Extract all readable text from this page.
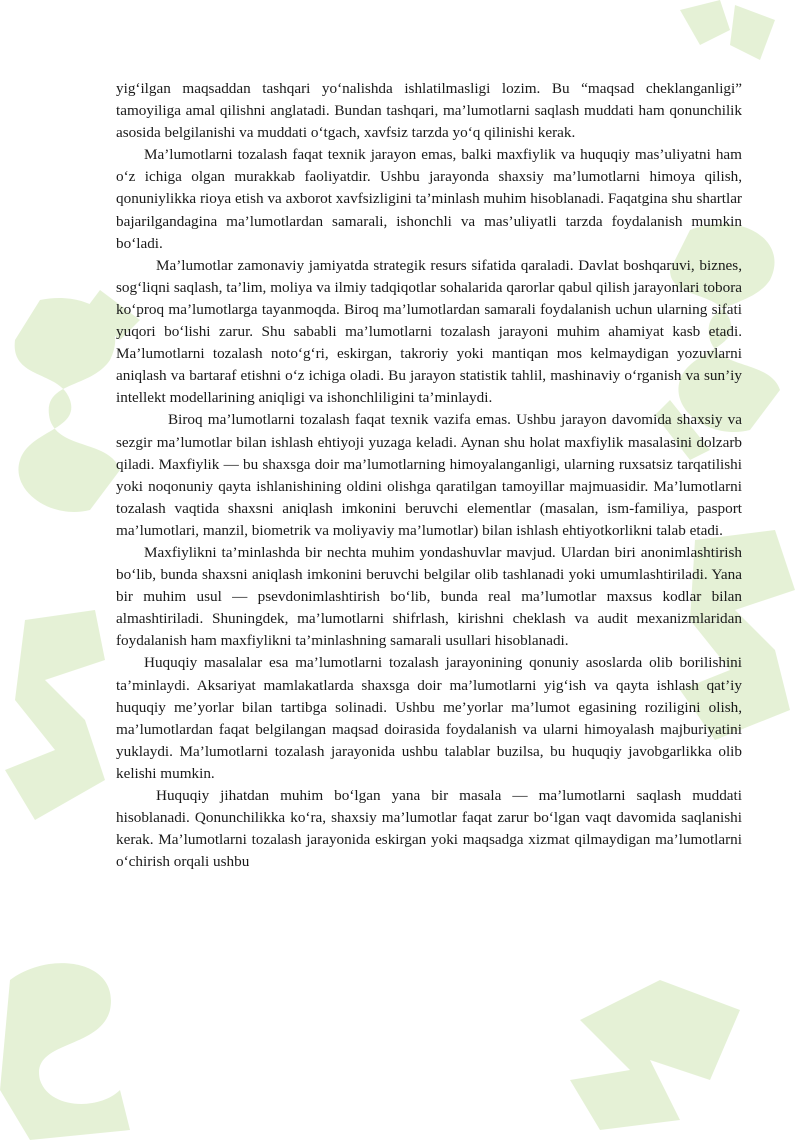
yig‘ilgan maqsaddan tashqari yo‘nalishda ishlatilmasligi lozim. Bu “maqsad cheklanganligi” tamoyiliga amal qilishni anglatadi. Bundan tashqari, ma’lumotlarni saqlash muddati ham qonunchilik asosida belgilanishi va muddati o‘tgach, xavfsiz tarzda yo‘q qilinishi kerak.

Ma’lumotlarni tozalash faqat texnik jarayon emas, balki maxfiylik va huquqiy mas’uliyatni ham o‘z ichiga olgan murakkab faoliyatdir. Ushbu jarayonda shaxsiy ma’lumotlarni himoya qilish, qonuniylikka rioya etish va axborot xavfsizligini ta’minlash muhim hisoblanadi. Faqatgina shu shartlar bajarilgandagina ma’lumotlardan samarali, ishonchli va mas’uliyatli tarzda foydalanish mumkin bo‘ladi.

Ma’lumotlar zamonaviy jamiyatda strategik resurs sifatida qaraladi. Davlat boshqaruvi, biznes, sog‘liqni saqlash, ta’lim, moliya va ilmiy tadqiqotlar sohalarida qarorlar qabul qilish jarayonlari tobora ko‘proq ma’lumotlarga tayanmoqda. Biroq ma’lumotlardan samarali foydalanish uchun ularning sifati yuqori bo‘lishi zarur. Shu sababli ma’lumotlarni tozalash jarayoni muhim ahamiyat kasb etadi. Ma’lumotlarni tozalash noto‘g‘ri, eskirgan, takroriy yoki mantiqan mos kelmaydigan yozuvlarni aniqlash va bartaraf etishni o‘z ichiga oladi. Bu jarayon statistik tahlil, mashinaviy o‘rganish va sun’iy intellekt modellarining aniqligi va ishonchliligini ta’minlaydi.

Biroq ma’lumotlarni tozalash faqat texnik vazifa emas. Ushbu jarayon davomida shaxsiy va sezgir ma’lumotlar bilan ishlash ehtiyoji yuzaga keladi. Aynan shu holat maxfiylik masalasini dolzarb qiladi. Maxfiylik — bu shaxsga doir ma’lumotlarning himoyalanganligi, ularning ruxsatsiz tarqatilishi yoki noqonuniy qayta ishlanishining oldini olishga qaratilgan tamoyillar majmuasidir. Ma’lumotlarni tozalash vaqtida shaxsni aniqlash imkonini beruvchi elementlar (masalan, ism-familiya, pasport ma’lumotlari, manzil, biometrik va moliyaviy ma’lumotlar) bilan ishlash ehtiyotkorlikni talab etadi.

Maxfiylikni ta’minlashda bir nechta muhim yondashuvlar mavjud. Ulardan biri anonimlashtirish bo‘lib, bunda shaxsni aniqlash imkonini beruvchi belgilar olib tashlanadi yoki umumlashtiriladi. Yana bir muhim usul — psevdonimlashtirish bo‘lib, bunda real ma’lumotlar maxsus kodlar bilan almashtiriladi. Shuningdek, ma’lumotlarni shifrlash, kirishni cheklash va audit mexanizmlaridan foydalanish ham maxfiylikni ta’minlashning samarali usullari hisoblanadi.

Huquqiy masalalar esa ma’lumotlarni tozalash jarayonining qonuniy asoslarda olib borilishini ta’minlaydi. Aksariyat mamlakatlarda shaxsga doir ma’lumotlarni yig‘ish va qayta ishlash qat’iy huquqiy me’yorlar bilan tartibga solinadi. Ushbu me’yorlar ma’lumot egasining roziligini olish, ma’lumotlardan faqat belgilangan maqsad doirasida foydalanish va ularni himoyalash majburiyatini yuklaydi. Ma’lumotlarni tozalash jarayonida ushbu talablar buzilsa, bu huquqiy javobgarlikka olib kelishi mumkin.

Huquqiy jihatdan muhim bo‘lgan yana bir masala — ma’lumotlarni saqlash muddati hisoblanadi. Qonunchilikka ko‘ra, shaxsiy ma’lumotlar faqat zarur bo‘lgan vaqt davomida saqlanishi kerak. Ma’lumotlarni tozalash jarayonida eskirgan yoki maqsadga xizmat qilmaydigan ma’lumotlarni o‘chirish orqali ushbu
